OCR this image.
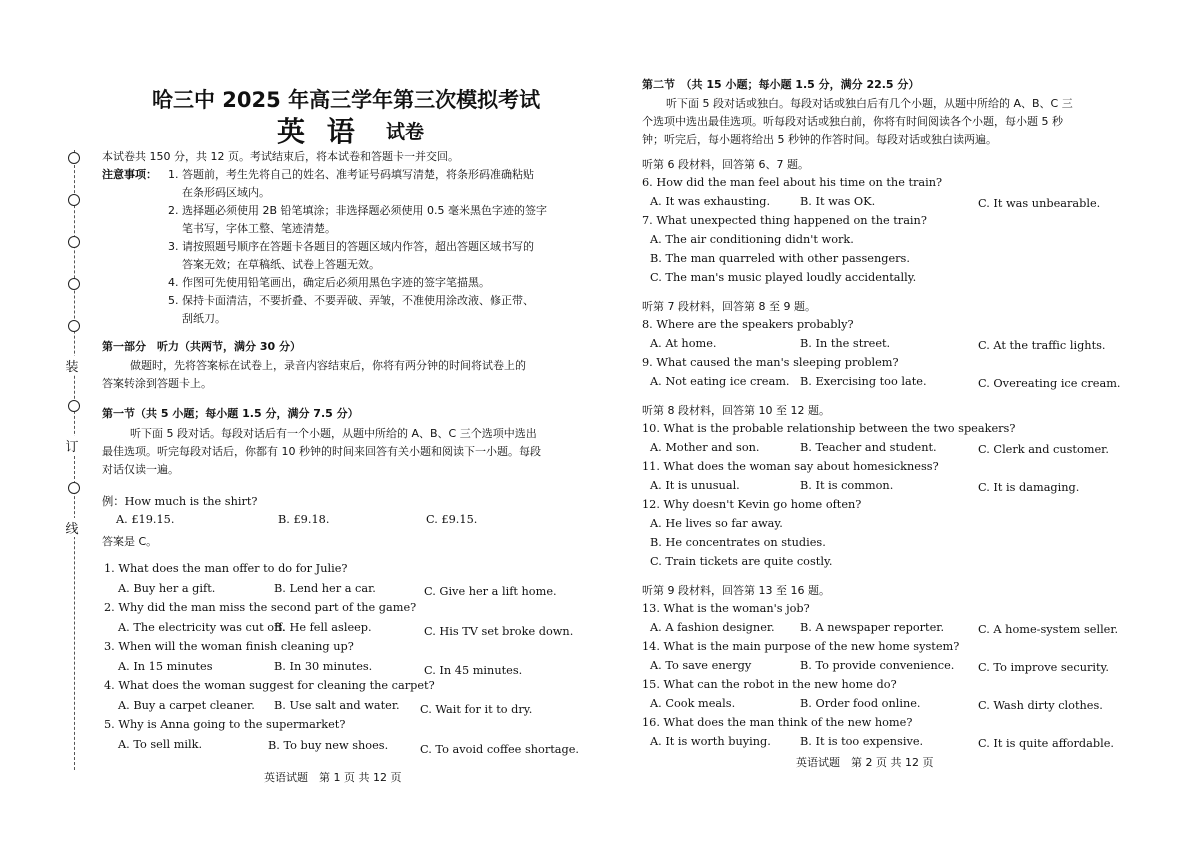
装
订
线
哈三中 2025 年高三学年第三次模拟考试
英 语 试卷
本试卷共 150 分，共 12 页。考试结束后，将本试卷和答题卡一并交回。
注意事项： 1. 答题前，考生先将自己的姓名、准考证号码填写清楚，将条形码准确粘贴
在条形码区域内。
2. 选择题必须使用 2B 铅笔填涂；非选择题必须使用 0.5 毫米黑色字迹的签字
笔书写，字体工整、笔迹清楚。
3. 请按照题号顺序在答题卡各题目的答题区域内作答，超出答题区域书写的
答案无效；在草稿纸、试卷上答题无效。
4. 作图可先使用铅笔画出，确定后必须用黑色字迹的签字笔描黑。
5. 保持卡面清洁，不要折叠、不要弄破、弄皱，不准使用涂改液、修正带、
刮纸刀。
第一部分　听力（共两节，满分 30 分）
做题时，先将答案标在试卷上，录音内容结束后，你将有两分钟的时间将试卷上的
答案转涂到答题卡上。
第一节（共 5 小题；每小题 1.5 分，满分 7.5 分）
听下面 5 段对话。每段对话后有一个小题，从题中所给的 A、B、C 三个选项中选出
最佳选项。听完每段对话后，你都有 10 秒钟的时间来回答有关小题和阅读下一小题。每段
对话仅读一遍。
例：How much is the shirt?
A. £19.15.	B. £9.18.	C. £9.15.
答案是 C。
1. What does the man offer to do for Julie?
A. Buy her a gift.	B. Lend her a car.	C. Give her a lift home.
2. Why did the man miss the second part of the game?
A. The electricity was cut off.
B. He fell asleep.	C. His TV set broke down.
3. When will the woman finish cleaning up?
A. In 15 minutes	B. In 30 minutes.	C. In 45 minutes.
4. What does the woman suggest for cleaning the carpet?
A. Buy a carpet cleaner. B. Use salt and water. C. Wait for it to dry.
5. Why is Anna going to the supermarket?
A. To sell milk.	B. To buy new shoes.	C. To avoid coffee shortage.
英语试题　第 1 页 共 12 页
第二节　（共 15 小题；每小题 1.5 分，满分 22.5 分）
听下面 5 段对话或独白。每段对话或独白后有几个小题，从题中所给的 A、B、C 三
个选项中选出最佳选项。听每段对话或独白前，你将有时间阅读各个小题，每小题 5 秒
钟；听完后，每小题将给出 5 秒钟的作答时间。每段对话或独白读两遍。
听第 6 段材料，回答第 6、7 题。
6. How did the man feel about his time on the train?
A. It was exhausting.	B. It was OK.	C. It was unbearable.
7. What unexpected thing happened on the train?
A. The air conditioning didn't work.
B. The man quarreled with other passengers.
C. The man's music played loudly accidentally.
听第 7 段材料，回答第 8 至 9 题。
8. Where are the speakers probably?
A. At home.	B. In the street.	C. At the traffic lights.
9. What caused the man's sleeping problem?
A. Not eating ice cream. B. Exercising too late.	C. Overeating ice cream.
听第 8 段材料，回答第 10 至 12 题。
10. What is the probable relationship between the two speakers?
A. Mother and son.	B. Teacher and student.	C. Clerk and customer.
11. What does the woman say about homesickness?
A. It is unusual.	B. It is common.	C. It is damaging.
12. Why doesn't Kevin go home often?
A. He lives so far away.
B. He concentrates on studies.
C. Train tickets are quite costly.
听第 9 段材料，回答第 13 至 16 题。
13. What is the woman's job?
A. A fashion designer. B. A newspaper reporter.	C. A home-system seller.
14. What is the main purpose of the new home system?
A. To save energy	B. To provide convenience. C. To improve security.
15. What can the robot in the new home do?
A. Cook meals.	B. Order food online.	C. Wash dirty clothes.
16. What does the man think of the new home?
A. It is worth buying.	B. It is too expensive.	C. It is quite affordable.
英语试题　第 2 页 共 12 页
